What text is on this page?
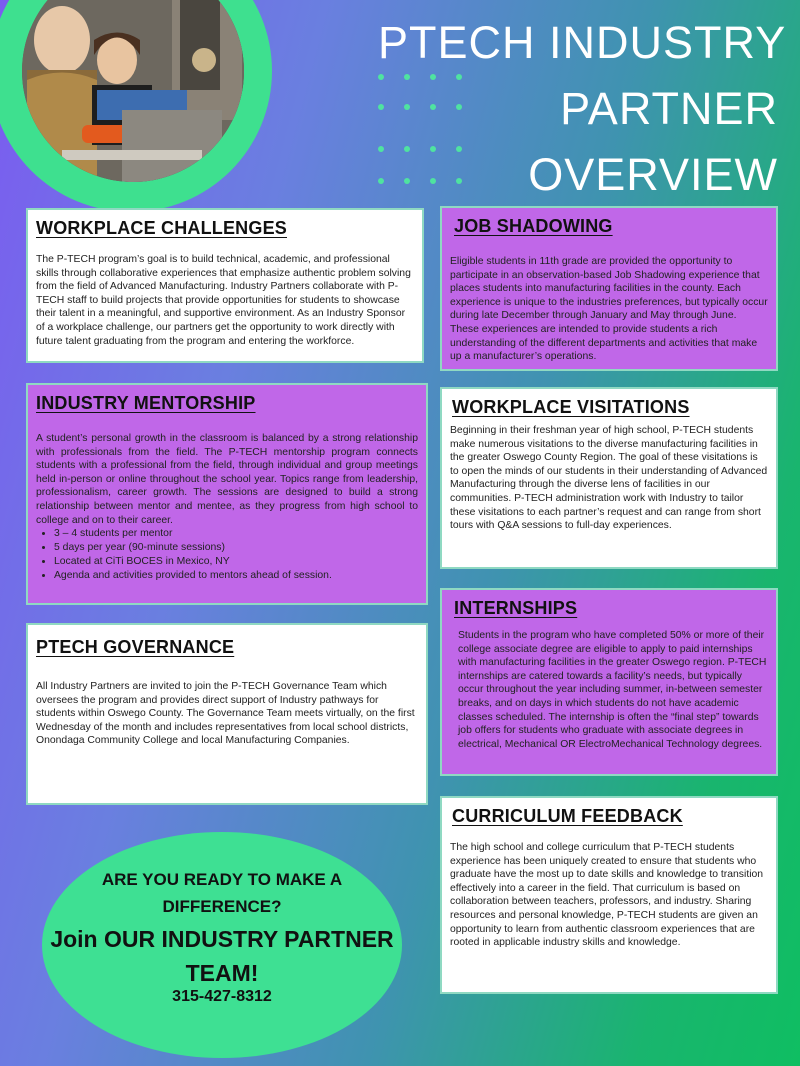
PTECH INDUSTRY
PARTNER
OVERVIEW
WORKPLACE CHALLENGES

The P-TECH program’s goal is to build technical, academic, and professional skills through collaborative experiences that emphasize authentic problem solving from the field of Advanced Manufacturing. Industry Partners collaborate with P-TECH staff to build projects that provide opportunities for students to showcase their talent in a meaningful, and supportive environment. As an Industry Sponsor of a workplace challenge, our partners get the opportunity to work directly with future talent graduating from the program and entering the workforce.

JOB SHADOWING

Eligible students in 11th grade are provided the opportunity to participate in an observation-based Job Shadowing experience that places students into manufacturing facilities in the county. Each experience is unique to the industries preferences, but typically occur during late December through January and May through June. These experiences are intended to provide students a rich understanding of the different departments and activities that make up a manufacturer’s operations.

INDUSTRY MENTORSHIP

A student’s personal growth in the classroom is balanced by a strong relationship with professionals from the field. The P-TECH mentorship program connects students with a professional from the field, through individual and group meetings held in-person or online throughout the school year. Topics range from leadership, professionalism, career growth. The sessions are designed to build a strong relationship between mentor and mentee, as they progress from high school to college and on to their career.

• 3 – 4 students per mentor
• 5 days per year (90-minute sessions)
• Located at CiTi BOCES in Mexico, NY
• Agenda and activities provided to mentors ahead of session.
WORKPLACE VISITATIONS

Beginning in their freshman year of high school, P-TECH students make numerous visitations to the diverse manufacturing facilities in the greater Oswego County Region. The goal of these visitations is to open the minds of our students in their understanding of Advanced Manufacturing through the diverse lens of facilities in our communities. P-TECH administration work with Industry to tailor these visitations to each partner’s request and can range from short tours with Q&A sessions to full-day experiences.

PTECH GOVERNANCE

All Industry Partners are invited to join the P-TECH Governance Team which oversees the program and provides direct support of Industry pathways for students within Oswego County. The Governance Team meets virtually, on the first Wednesday of the month and includes representatives from local school districts, Onondaga Community College and local Manufacturing Companies.

INTERNSHIPS

Students in the program who have completed 50% or more of their college associate degree are eligible to apply to paid internships with manufacturing facilities in the greater Oswego region. P-TECH internships are catered towards a facility’s needs, but typically occur throughout the year including summer, in-between semester breaks, and on days in which students do not have academic classes scheduled. The internship is often the “final step” towards job offers for students who graduate with associate degrees in electrical, Mechanical OR ElectroMechanical Technology degrees.

CURRICULUM FEEDBACK

The high school and college curriculum that P-TECH students experience has been uniquely created to ensure that students who graduate have the most up to date skills and knowledge to transition effectively into a career in the field. That curriculum is based on collaboration between teachers, professors, and industry. Sharing resources and personal knowledge, P-TECH students are given an opportunity to learn from authentic classroom experiences that are rooted in applicable industry skills and knowledge.

ARE YOU READY TO MAKE A DIFFERENCE?
Join OUR INDUSTRY PARTNER TEAM!
315-427-8312
